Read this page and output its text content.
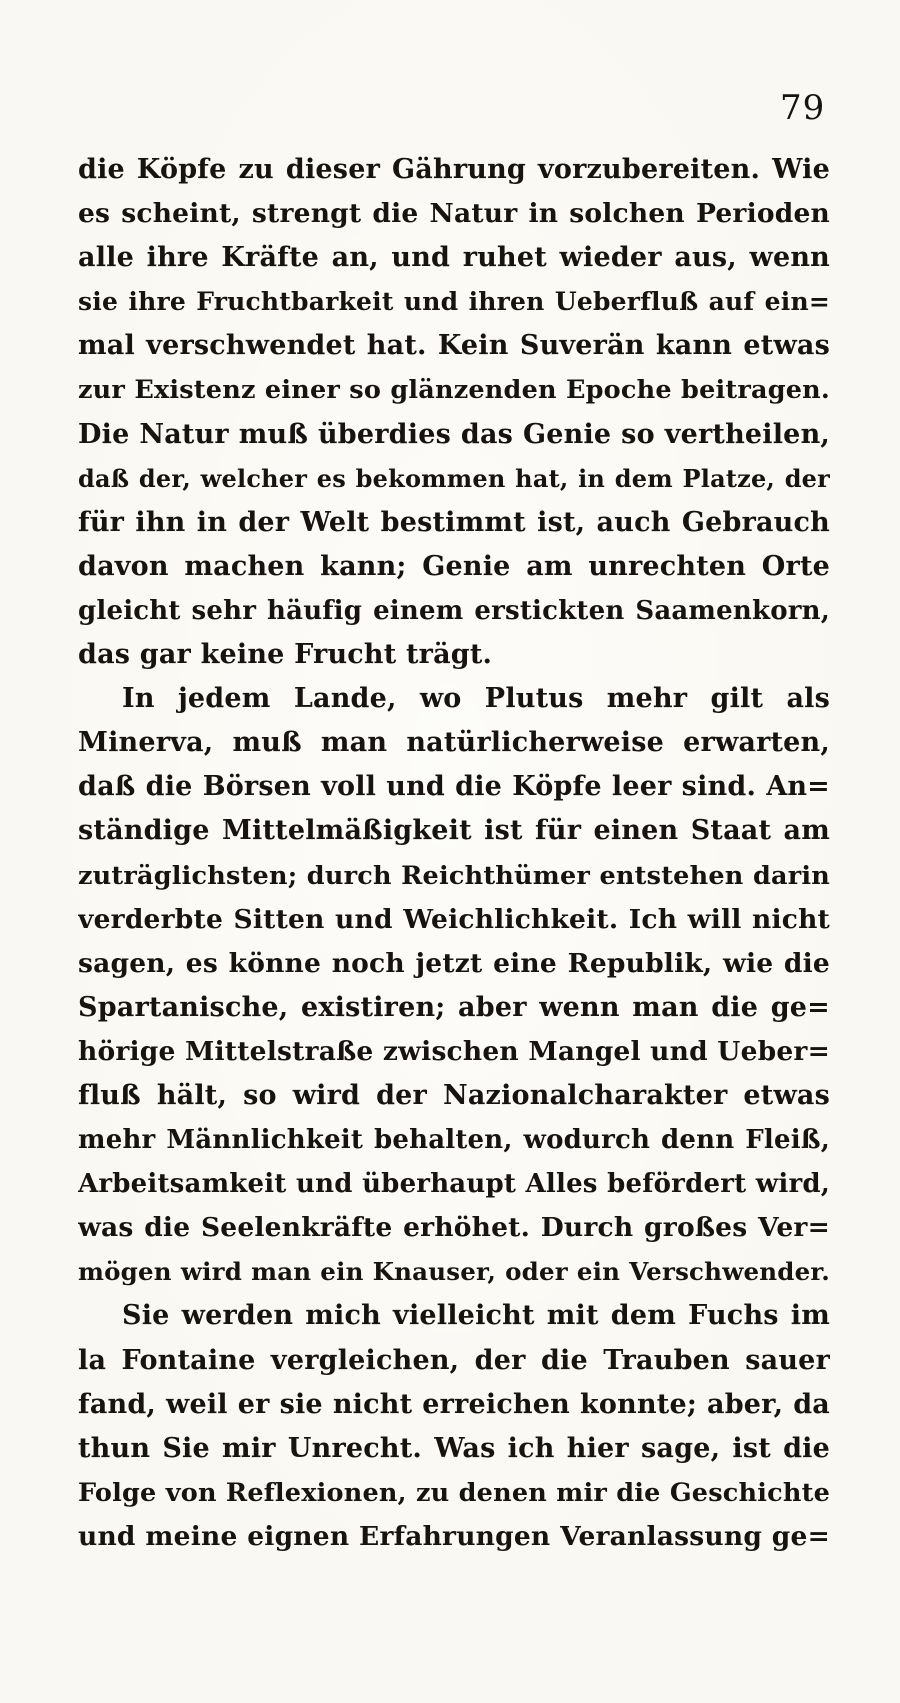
79
die Köpfe zu dieser Gährung vorzubereiten. Wie
es scheint, strengt die Natur in solchen Perioden
alle ihre Kräfte an, und ruhet wieder aus, wenn
sie ihre Fruchtbarkeit und ihren Ueberfluß auf ein=
mal verschwendet hat. Kein Suverän kann etwas
zur Existenz einer so glänzenden Epoche beitragen.
Die Natur muß überdies das Genie so vertheilen,
daß der, welcher es bekommen hat, in dem Platze, der
für ihn in der Welt bestimmt ist, auch Gebrauch
davon machen kann; Genie am unrechten Orte
gleicht sehr häufig einem erstickten Saamenkorn,
das gar keine Frucht trägt.
In jedem Lande, wo Plutus mehr gilt als
Minerva, muß man natürlicherweise erwarten,
daß die Börsen voll und die Köpfe leer sind. An=
ständige Mittelmäßigkeit ist für einen Staat am
zuträglichsten; durch Reichthümer entstehen darin
verderbte Sitten und Weichlichkeit. Ich will nicht
sagen, es könne noch jetzt eine Republik, wie die
Spartanische, existiren; aber wenn man die ge=
hörige Mittelstraße zwischen Mangel und Ueber=
fluß hält, so wird der Nazionalcharakter etwas
mehr Männlichkeit behalten, wodurch denn Fleiß,
Arbeitsamkeit und überhaupt Alles befördert wird,
was die Seelenkräfte erhöhet. Durch großes Ver=
mögen wird man ein Knauser, oder ein Verschwender.
Sie werden mich vielleicht mit dem Fuchs im
la Fontaine vergleichen, der die Trauben sauer
fand, weil er sie nicht erreichen konnte; aber, da
thun Sie mir Unrecht. Was ich hier sage, ist die
Folge von Reflexionen, zu denen mir die Geschichte
und meine eignen Erfahrungen Veranlassung ge=
